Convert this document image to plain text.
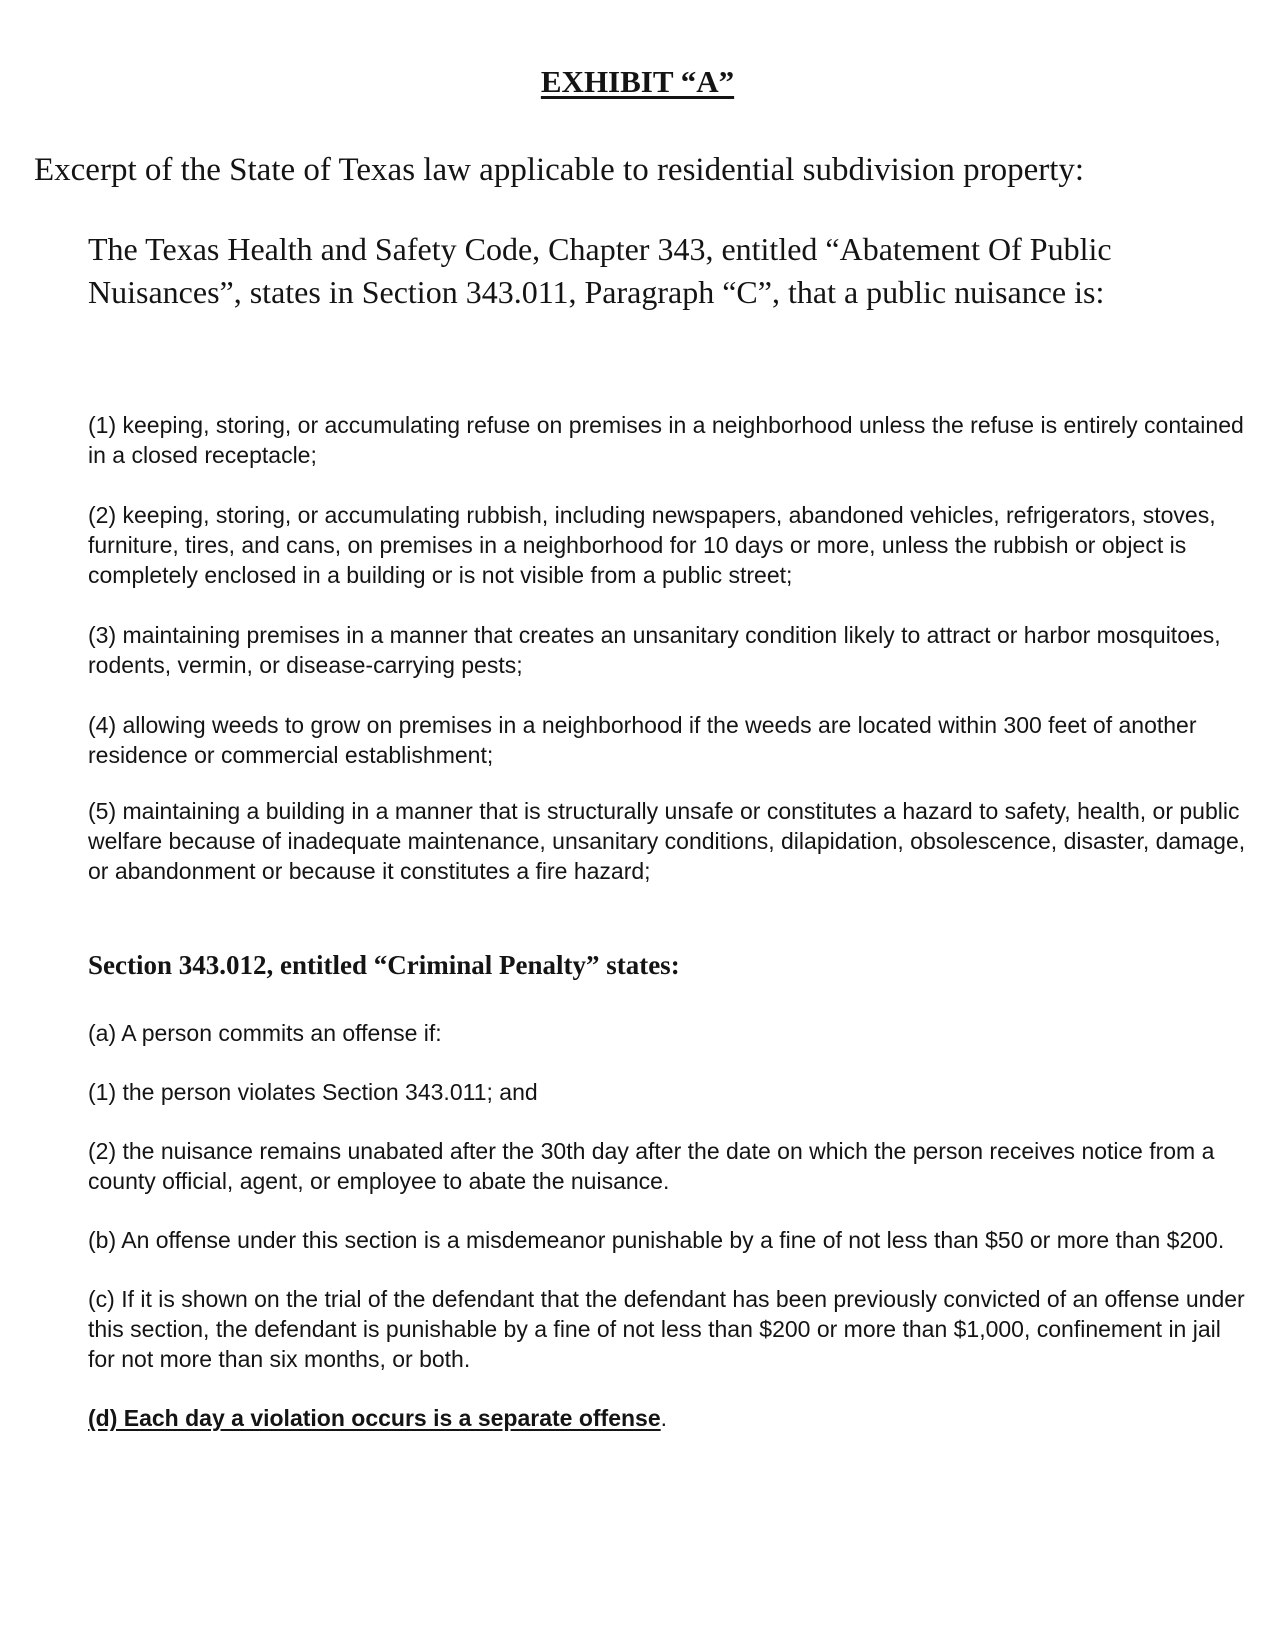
EXHIBIT “A”
Excerpt of the State of Texas law applicable to residential subdivision property:
The Texas Health and Safety Code, Chapter 343, entitled “Abatement Of Public Nuisances”, states in Section 343.011, Paragraph “C”, that a public nuisance is:

(1) keeping, storing, or accumulating refuse on premises in a neighborhood unless the refuse is entirely contained in a closed receptacle;

(2) keeping, storing, or accumulating rubbish, including newspapers, abandoned vehicles, refrigerators, stoves, furniture, tires, and cans, on premises in a neighborhood for 10 days or more, unless the rubbish or object is completely enclosed in a building or is not visible from a public street;

(3) maintaining premises in a manner that creates an unsanitary condition likely to attract or harbor mosquitoes, rodents, vermin, or disease-carrying pests;

(4) allowing weeds to grow on premises in a neighborhood if the weeds are located within 300 feet of another residence or commercial establishment;

(5) maintaining a building in a manner that is structurally unsafe or constitutes a hazard to safety, health, or public welfare because of inadequate maintenance, unsanitary conditions, dilapidation, obsolescence, disaster, damage, or abandonment or because it constitutes a fire hazard;

Section 343.012, entitled “Criminal Penalty” states:

(a) A person commits an offense if:

(1) the person violates Section 343.011; and

(2) the nuisance remains unabated after the 30th day after the date on which the person receives notice from a county official, agent, or employee to abate the nuisance.

(b) An offense under this section is a misdemeanor punishable by a fine of not less than $50 or more than $200.

(c) If it is shown on the trial of the defendant that the defendant has been previously convicted of an offense under this section, the defendant is punishable by a fine of not less than $200 or more than $1,000, confinement in jail for not more than six months, or both.

(d) Each day a violation occurs is a separate offense.
